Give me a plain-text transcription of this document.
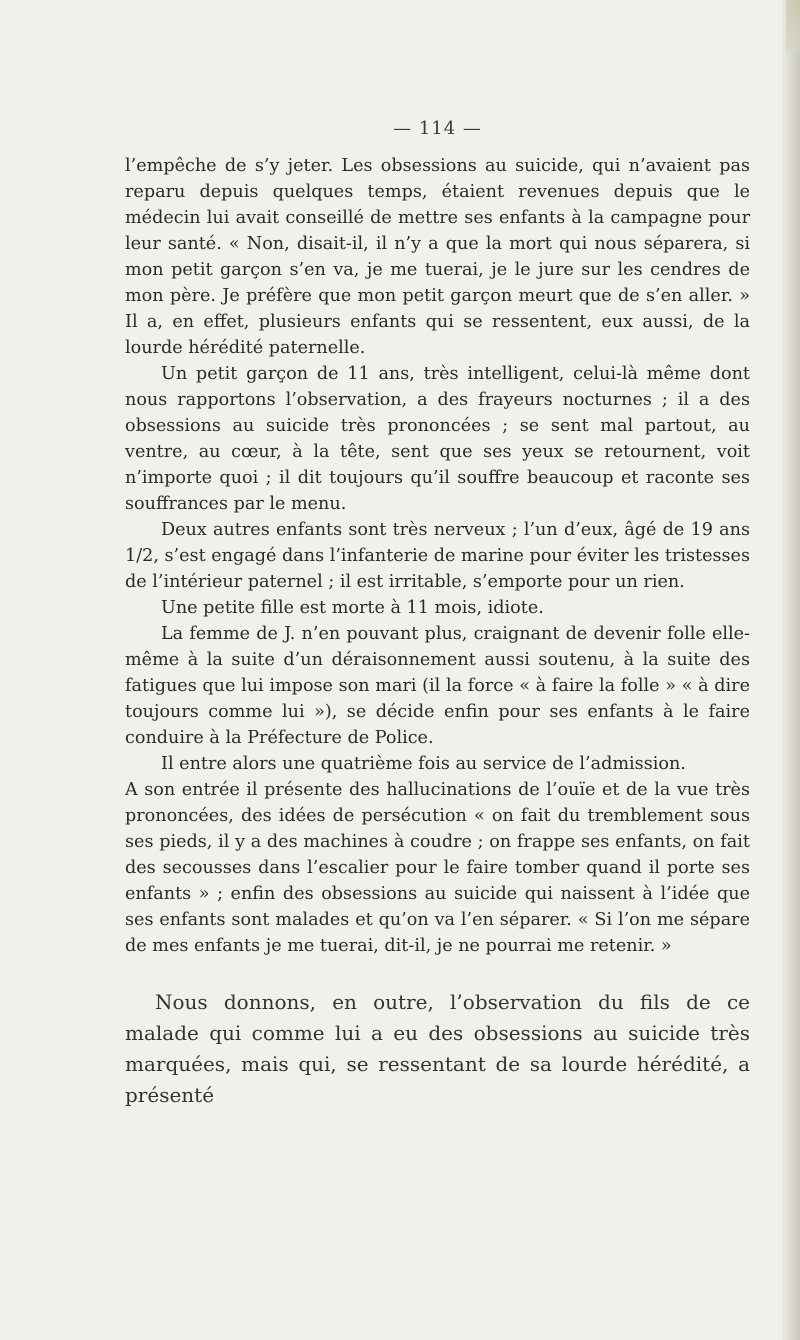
— 114 —

l’empêche de s’y jeter. Les obsessions au suicide, qui n’avaient pas reparu depuis quelques temps, étaient revenues depuis que le médecin lui avait conseillé de mettre ses enfants à la campagne pour leur santé. « Non, disait-il, il n’y a que la mort qui nous séparera, si mon petit garçon s’en va, je me tuerai, je le jure sur les cendres de mon père. Je préfère que mon petit garçon meurt que de s’en aller. » Il a, en effet, plusieurs enfants qui se ressentent, eux aussi, de la lourde hérédité paternelle.

Un petit garçon de 11 ans, très intelligent, celui-là même dont nous rapportons l’observation, a des frayeurs nocturnes ; il a des obsessions au suicide très prononcées ; se sent mal partout, au ventre, au cœur, à la tête, sent que ses yeux se retournent, voit n’importe quoi ; il dit toujours qu’il souffre beaucoup et raconte ses souffrances par le menu.

Deux autres enfants sont très nerveux ; l’un d’eux, âgé de 19 ans 1/2, s’est engagé dans l’infanterie de marine pour éviter les tristesses de l’intérieur paternel ; il est irritable, s’emporte pour un rien.

Une petite fille est morte à 11 mois, idiote.

La femme de J. n’en pouvant plus, craignant de devenir folle elle-même à la suite d’un déraisonnement aussi soutenu, à la suite des fatigues que lui impose son mari (il la force « à faire la folle » « à dire toujours comme lui »), se décide enfin pour ses enfants à le faire conduire à la Préfecture de Police.

Il entre alors une quatrième fois au service de l’admission.

A son entrée il présente des hallucinations de l’ouïe et de la vue très prononcées, des idées de persécution « on fait du tremblement sous ses pieds, il y a des machines à coudre ; on frappe ses enfants, on fait des secousses dans l’escalier pour le faire tomber quand il porte ses enfants » ; enfin des obsessions au suicide qui naissent à l’idée que ses enfants sont malades et qu’on va l’en séparer. « Si l’on me sépare de mes enfants je me tuerai, dit-il, je ne pourrai me retenir. »

Nous donnons, en outre, l’observation du fils de ce malade qui comme lui a eu des obsessions au suicide très marquées, mais qui, se ressentant de sa lourde hérédité, a présenté
